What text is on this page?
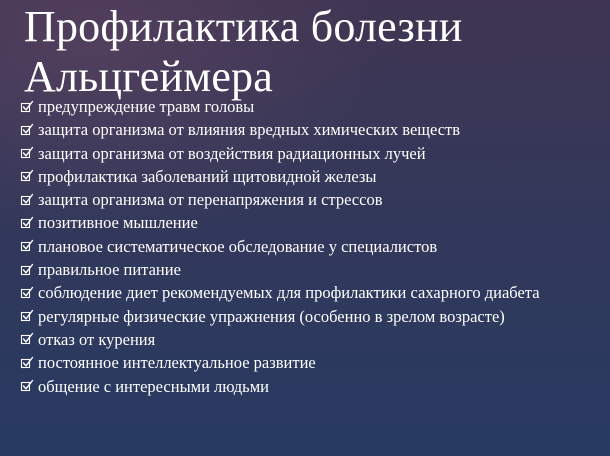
Профилактика болезни
Альцгеймера
предупреждение травм головы
защита организма от влияния вредных химических веществ
защита организма от воздействия радиационных лучей
профилактика заболеваний щитовидной железы
защита организма от перенапряжения и стрессов
позитивное мышление
плановое систематическое обследование у специалистов
правильное питание
соблюдение диет рекомендуемых для профилактики сахарного диабета
регулярные физические упражнения (особенно в зрелом возрасте)
отказ от курения
постоянное интеллектуальное развитие
общение с интересными людьми
